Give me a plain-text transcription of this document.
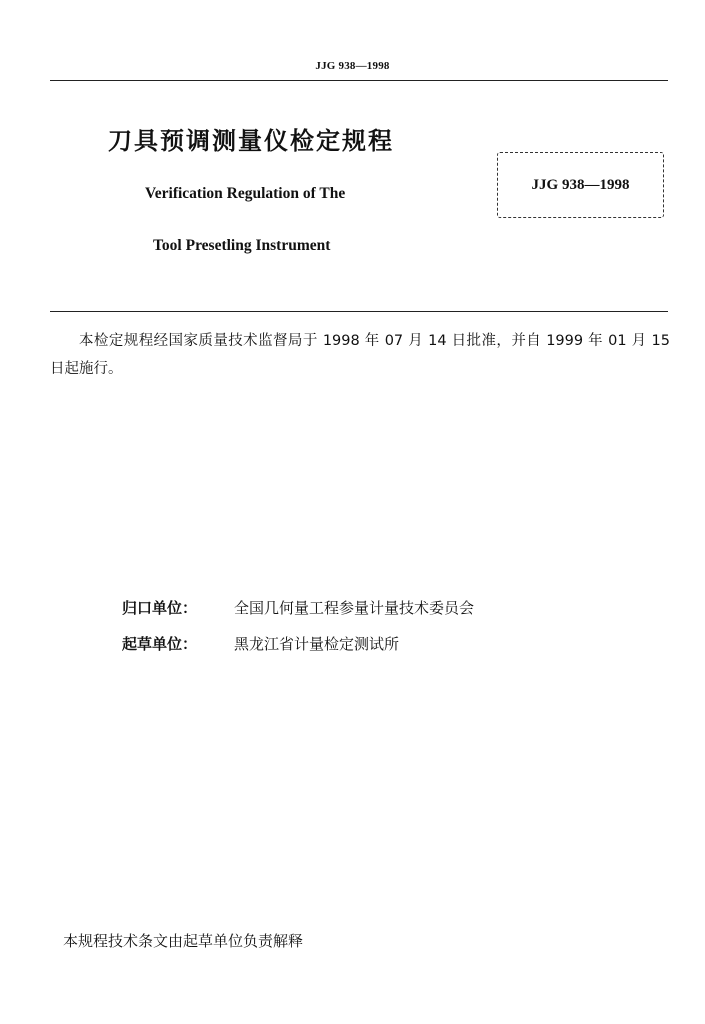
JJG 938—1998
刀具预调测量仪检定规程
Verification Regulation of The
Tool Presetling Instrument
JJG 938—1998
本检定规程经国家质量技术监督局于 1998 年 07 月 14 日批准，并自 1999 年 01 月 15 日起施行。
归口单位： 全国几何量工程参量计量技术委员会
起草单位： 黑龙江省计量检定测试所
本规程技术条文由起草单位负责解释
